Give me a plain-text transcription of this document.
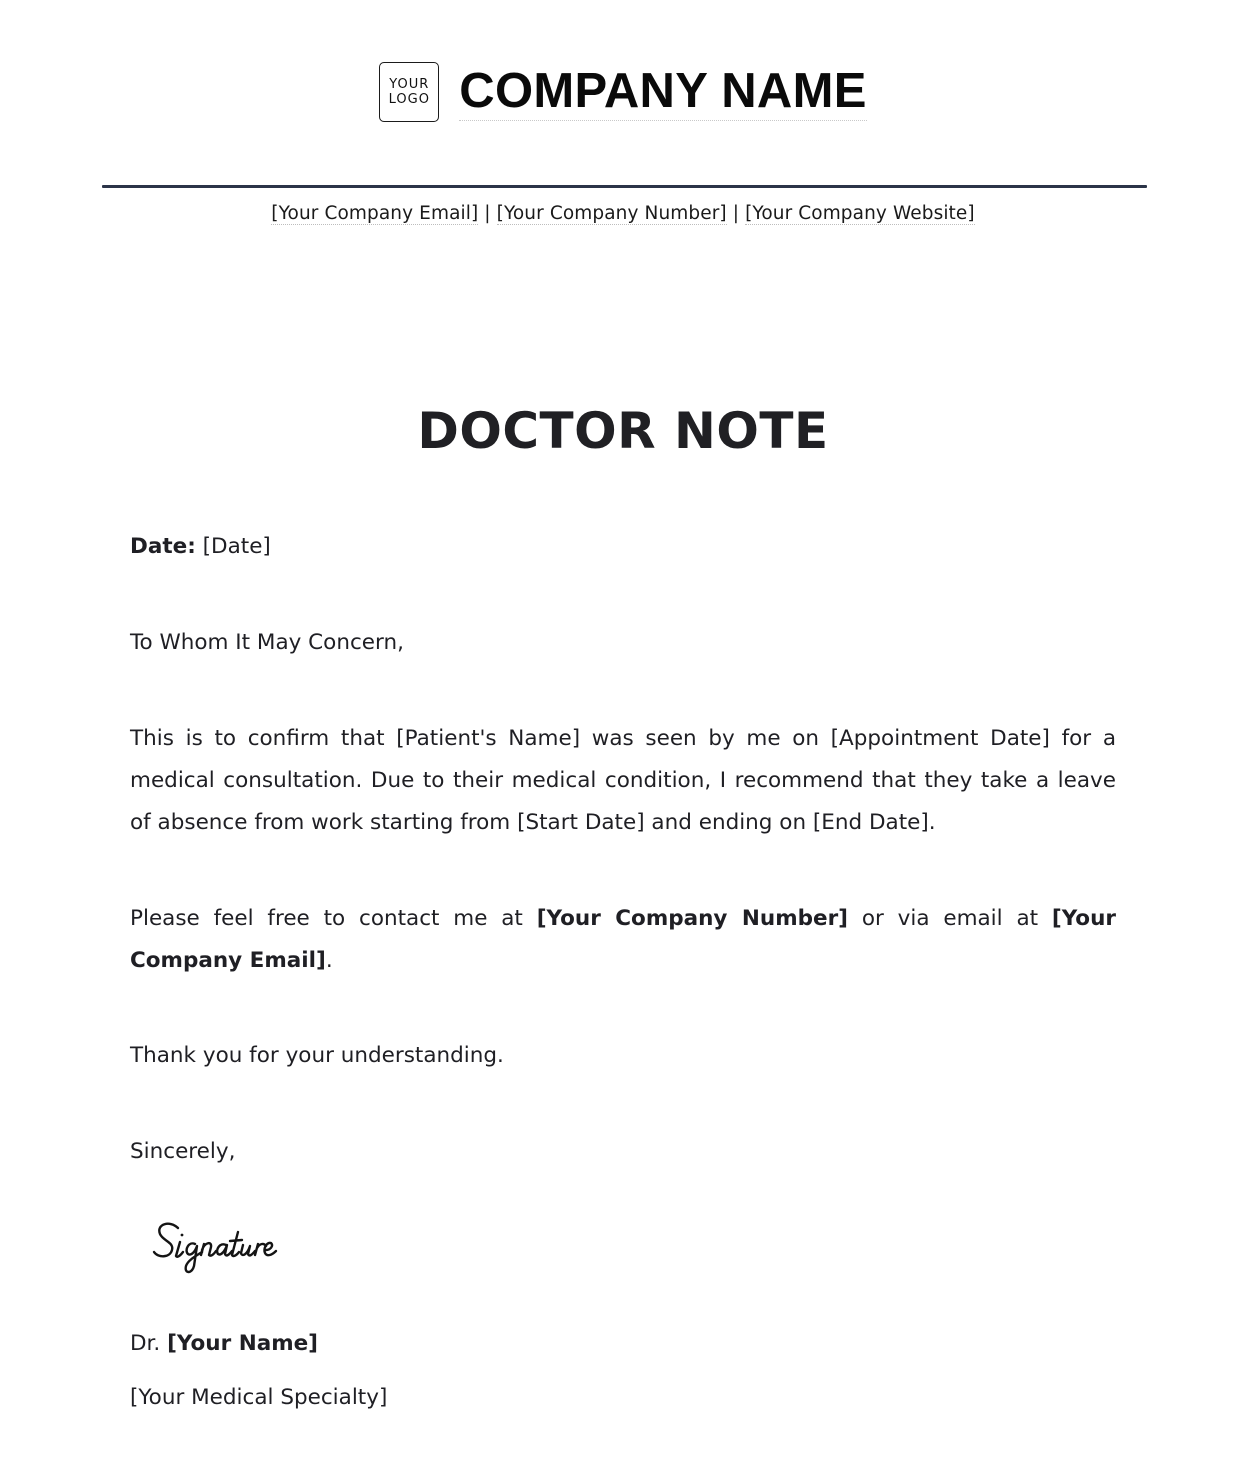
YOUR
LOGO COMPANY NAME
[Your Company Email] | [Your Company Number] | [Your Company Website]
DOCTOR NOTE
Date: [Date]
To Whom It May Concern,
This is to confirm that [Patient's Name] was seen by me on [Appointment Date] for a medical consultation. Due to their medical condition, I recommend that they take a leave of absence from work starting from [Start Date] and ending on [End Date].
Please feel free to contact me at [Your Company Number] or via email at [Your Company Email].
Thank you for your understanding.
Sincerely,
Signature
Dr. [Your Name]
[Your Medical Specialty]
